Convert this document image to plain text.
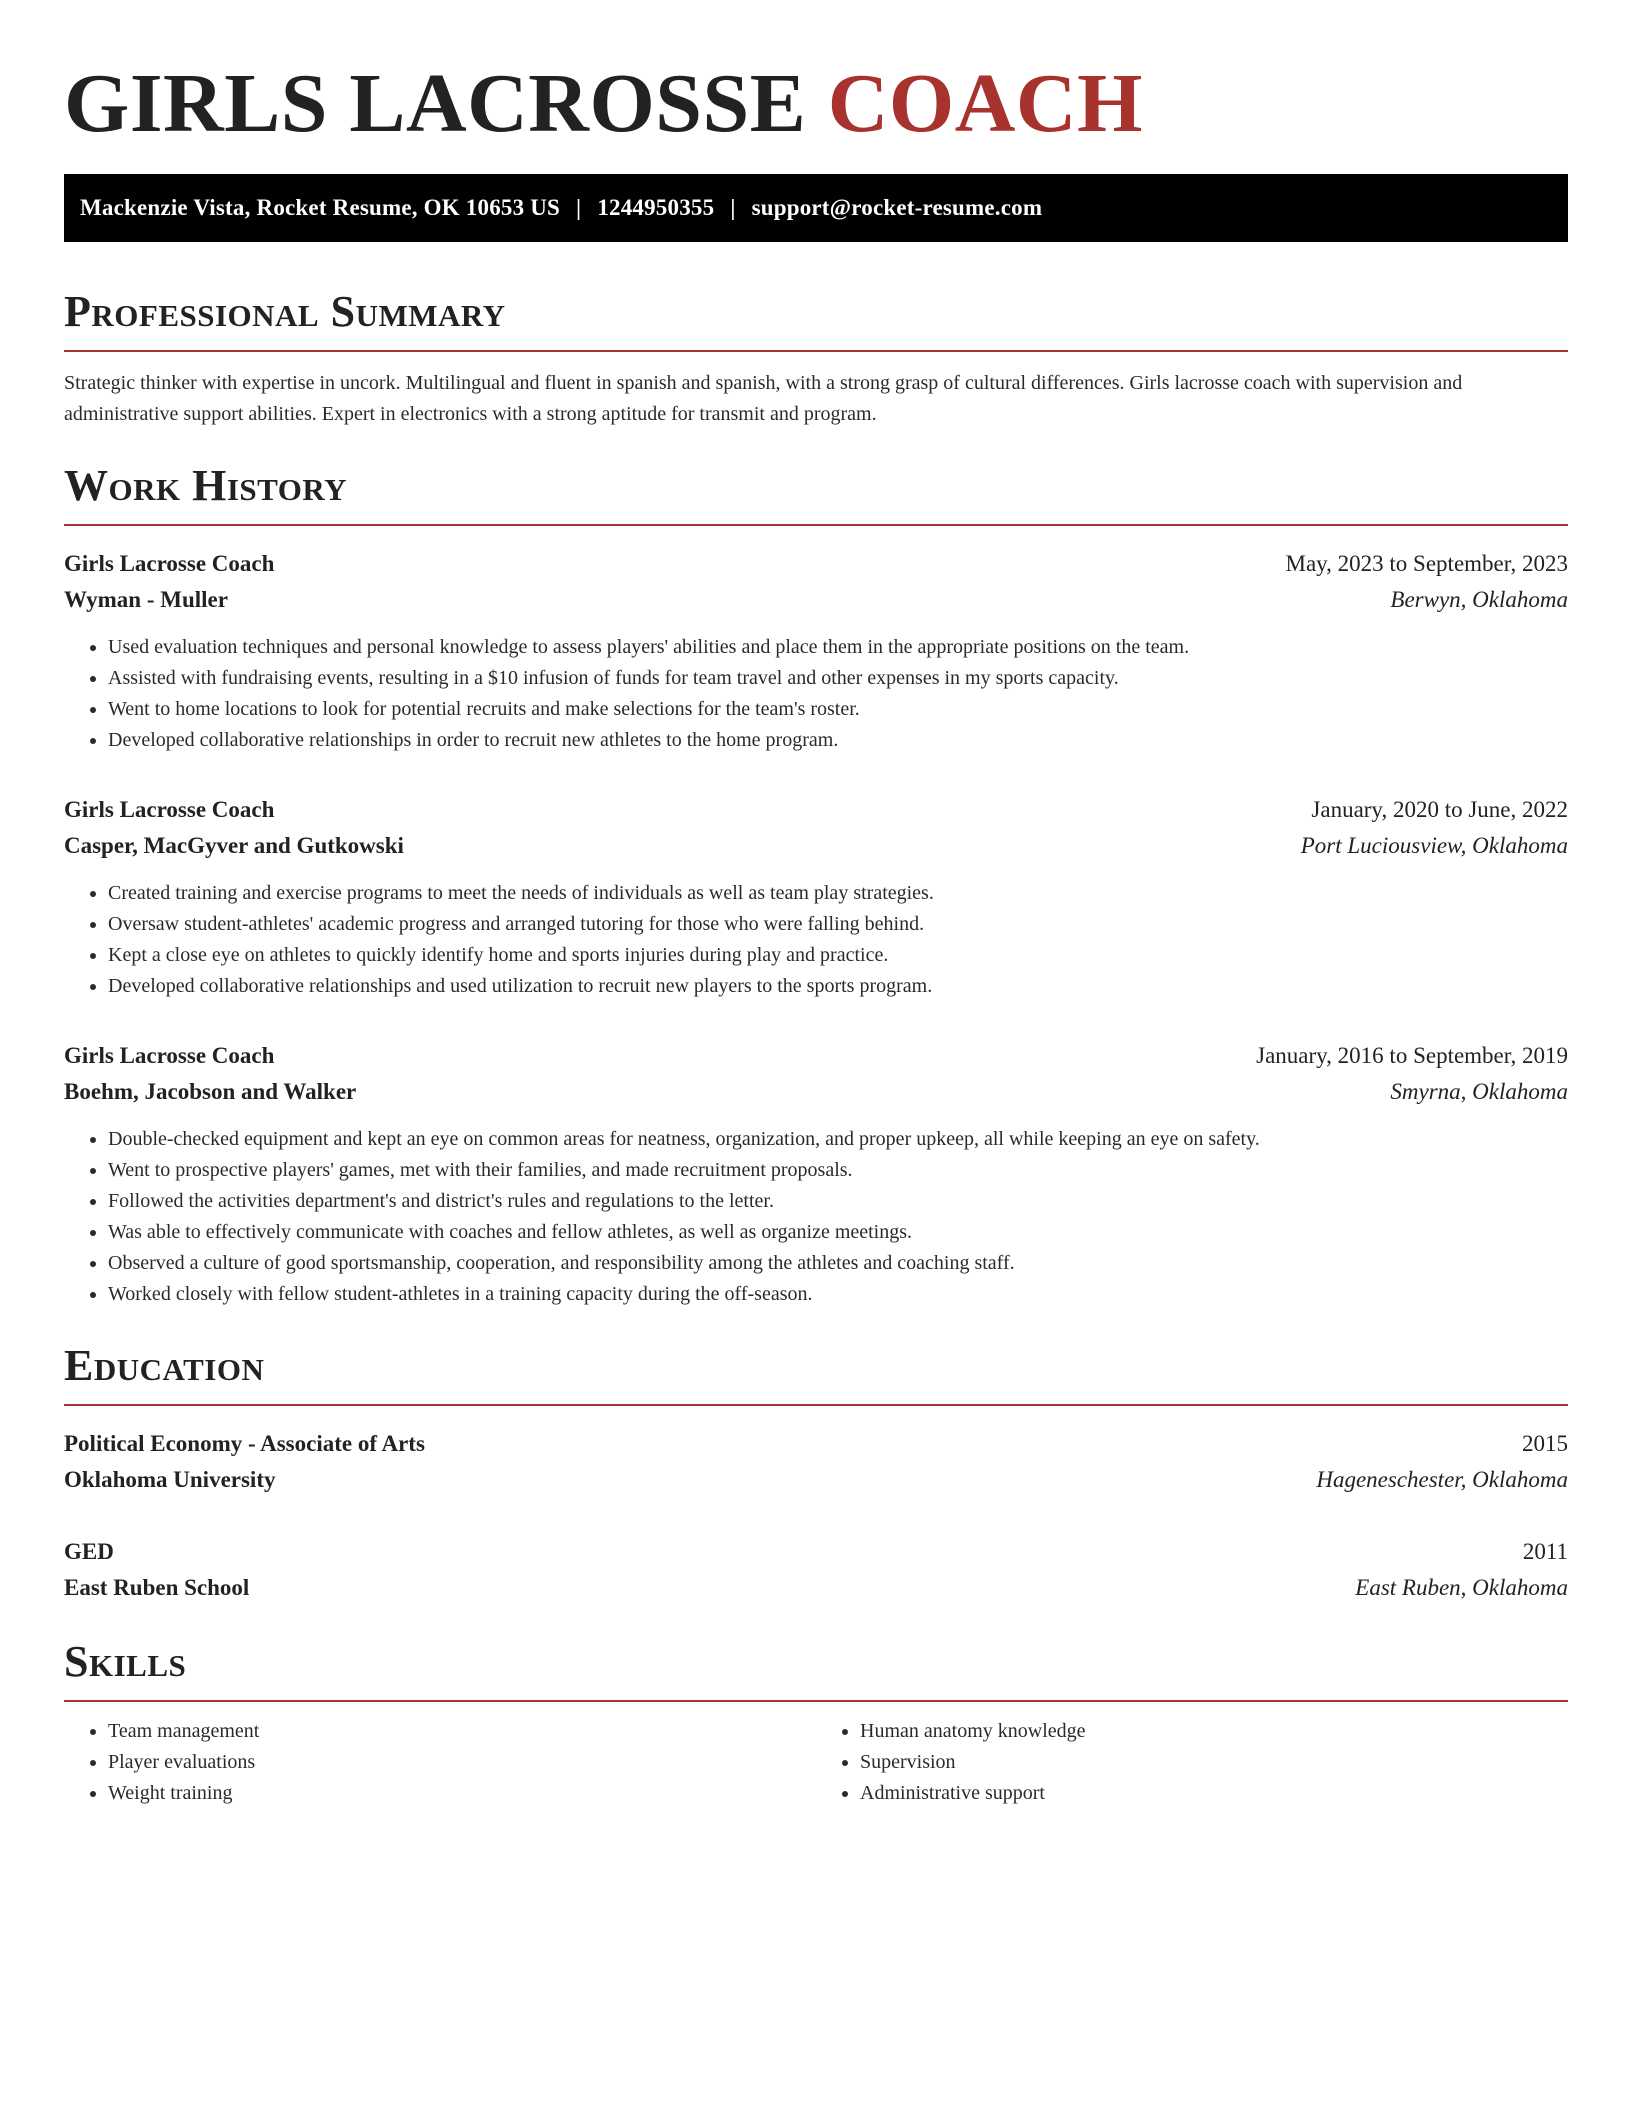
GIRLS LACROSSE COACH
Mackenzie Vista, Rocket Resume, OK 10653 US | 1244950355 | support@rocket-resume.com
Professional Summary

Strategic thinker with expertise in uncork. Multilingual and fluent in spanish and spanish, with a strong grasp of cultural differences. Girls lacrosse coach with supervision and administrative support abilities. Expert in electronics with a strong aptitude for transmit and program.

Work History
Girls Lacrosse Coach	May, 2023 to September, 2023
Wyman - Muller	Berwyn, Oklahoma
• Used evaluation techniques and personal knowledge to assess players' abilities and place them in the appropriate positions on the team.
• Assisted with fundraising events, resulting in a $10 infusion of funds for team travel and other expenses in my sports capacity.
• Went to home locations to look for potential recruits and make selections for the team's roster.
• Developed collaborative relationships in order to recruit new athletes to the home program.
Girls Lacrosse Coach	January, 2020 to June, 2022
Casper, MacGyver and Gutkowski	Port Luciousview, Oklahoma
• Created training and exercise programs to meet the needs of individuals as well as team play strategies.
• Oversaw student-athletes' academic progress and arranged tutoring for those who were falling behind.
• Kept a close eye on athletes to quickly identify home and sports injuries during play and practice.
• Developed collaborative relationships and used utilization to recruit new players to the sports program.
Girls Lacrosse Coach	January, 2016 to September, 2019
Boehm, Jacobson and Walker	Smyrna, Oklahoma
• Double-checked equipment and kept an eye on common areas for neatness, organization, and proper upkeep, all while keeping an eye on safety.
• Went to prospective players' games, met with their families, and made recruitment proposals.
• Followed the activities department's and district's rules and regulations to the letter.
• Was able to effectively communicate with coaches and fellow athletes, as well as organize meetings.
• Observed a culture of good sportsmanship, cooperation, and responsibility among the athletes and coaching staff.
• Worked closely with fellow student-athletes in a training capacity during the off-season.
Education
Political Economy - Associate of Arts	2015
Oklahoma University	Hageneschester, Oklahoma
GED	2011
East Ruben School	East Ruben, Oklahoma
Skills
• Team management
• Player evaluations
• Weight training
• Human anatomy knowledge
• Supervision
• Administrative support
